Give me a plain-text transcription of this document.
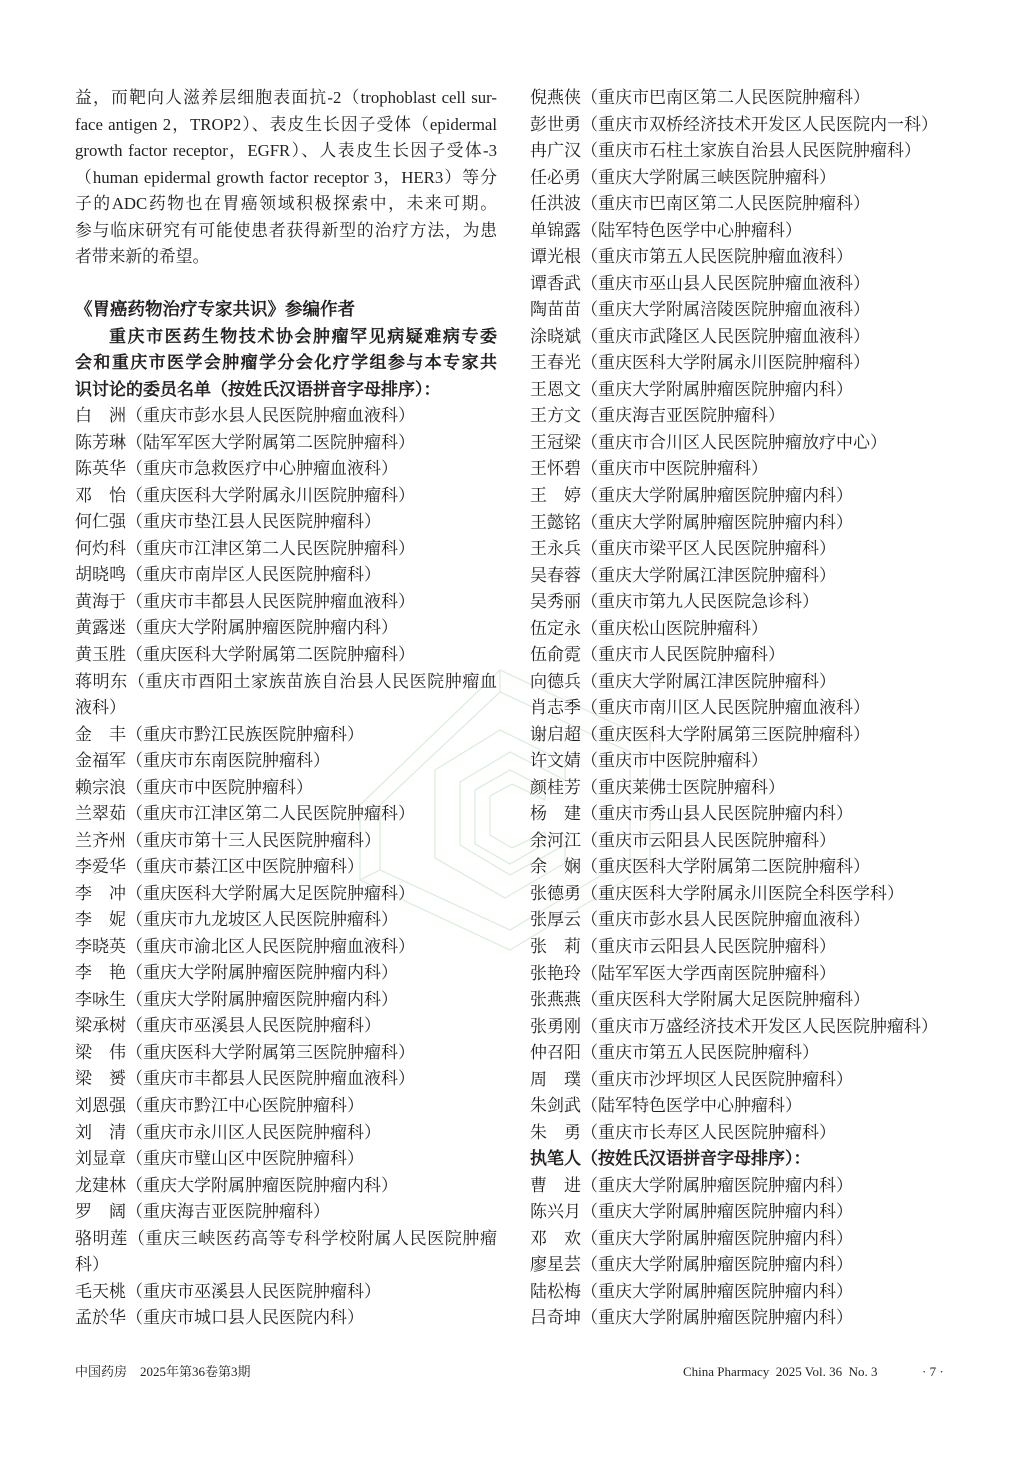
益，而靶向人滋养层细胞表面抗-2（trophoblast cell sur-
face antigen 2，TROP2）、表皮生长因子受体（epidermal
growth factor receptor，EGFR）、人表皮生长因子受体-3
（human epidermal growth factor receptor 3，HER3）等分
子的ADC药物也在胃癌领域积极探索中，未来可期。
参与临床研究有可能使患者获得新型的治疗方法，为患
者带来新的希望。
《胃癌药物治疗专家共识》参编作者
重庆市医药生物技术协会肿瘤罕见病疑难病专委
会和重庆市医学会肿瘤学分会化疗学组参与本专家共
识讨论的委员名单（按姓氏汉语拼音字母排序）：
白　洲（重庆市彭水县人民医院肿瘤血液科）
陈芳琳（陆军军医大学附属第二医院肿瘤科）
陈英华（重庆市急救医疗中心肿瘤血液科）
邓　怡（重庆医科大学附属永川医院肿瘤科）
何仁强（重庆市垫江县人民医院肿瘤科）
何灼科（重庆市江津区第二人民医院肿瘤科）
胡晓鸣（重庆市南岸区人民医院肿瘤科）
黄海于（重庆市丰都县人民医院肿瘤血液科）
黄露迷（重庆大学附属肿瘤医院肿瘤内科）
黄玉胜（重庆医科大学附属第二医院肿瘤科）
蒋明东（重庆市酉阳土家族苗族自治县人民医院肿瘤血液科）
金　丰（重庆市黔江民族医院肿瘤科）
金福军（重庆市东南医院肿瘤科）
赖宗浪（重庆市中医院肿瘤科）
兰翠茹（重庆市江津区第二人民医院肿瘤科）
兰齐州（重庆市第十三人民医院肿瘤科）
李爱华（重庆市綦江区中医院肿瘤科）
李　冲（重庆医科大学附属大足医院肿瘤科）
李　妮（重庆市九龙坡区人民医院肿瘤科）
李晓英（重庆市渝北区人民医院肿瘤血液科）
李　艳（重庆大学附属肿瘤医院肿瘤内科）
李咏生（重庆大学附属肿瘤医院肿瘤内科）
梁承树（重庆市巫溪县人民医院肿瘤科）
梁　伟（重庆医科大学附属第三医院肿瘤科）
梁　赟（重庆市丰都县人民医院肿瘤血液科）
刘恩强（重庆市黔江中心医院肿瘤科）
刘　清（重庆市永川区人民医院肿瘤科）
刘显章（重庆市璧山区中医院肿瘤科）
龙建林（重庆大学附属肿瘤医院肿瘤内科）
罗　阔（重庆海吉亚医院肿瘤科）
骆明莲（重庆三峡医药高等专科学校附属人民医院肿瘤科）
毛天桃（重庆市巫溪县人民医院肿瘤科）
孟於华（重庆市城口县人民医院内科）
倪燕侠（重庆市巴南区第二人民医院肿瘤科）
彭世勇（重庆市双桥经济技术开发区人民医院内一科）
冉广汉（重庆市石柱土家族自治县人民医院肿瘤科）
任必勇（重庆大学附属三峡医院肿瘤科）
任洪波（重庆市巴南区第二人民医院肿瘤科）
单锦露（陆军特色医学中心肿瘤科）
谭光根（重庆市第五人民医院肿瘤血液科）
谭香武（重庆市巫山县人民医院肿瘤血液科）
陶苗苗（重庆大学附属涪陵医院肿瘤血液科）
涂晓斌（重庆市武隆区人民医院肿瘤血液科）
王春光（重庆医科大学附属永川医院肿瘤科）
王恩文（重庆大学附属肿瘤医院肿瘤内科）
王方文（重庆海吉亚医院肿瘤科）
王冠梁（重庆市合川区人民医院肿瘤放疗中心）
王怀碧（重庆市中医院肿瘤科）
王　婷（重庆大学附属肿瘤医院肿瘤内科）
王懿铭（重庆大学附属肿瘤医院肿瘤内科）
王永兵（重庆市梁平区人民医院肿瘤科）
吴春蓉（重庆大学附属江津医院肿瘤科）
吴秀丽（重庆市第九人民医院急诊科）
伍定永（重庆松山医院肿瘤科）
伍俞霓（重庆市人民医院肿瘤科）
向德兵（重庆大学附属江津医院肿瘤科）
肖志季（重庆市南川区人民医院肿瘤血液科）
谢启超（重庆医科大学附属第三医院肿瘤科）
许文婧（重庆市中医院肿瘤科）
颜桂芳（重庆莱佛士医院肿瘤科）
杨　建（重庆市秀山县人民医院肿瘤内科）
余河江（重庆市云阳县人民医院肿瘤科）
余　娴（重庆医科大学附属第二医院肿瘤科）
张德勇（重庆医科大学附属永川医院全科医学科）
张厚云（重庆市彭水县人民医院肿瘤血液科）
张　莉（重庆市云阳县人民医院肿瘤科）
张艳玲（陆军军医大学西南医院肿瘤科）
张燕燕（重庆医科大学附属大足医院肿瘤科）
张勇刚（重庆市万盛经济技术开发区人民医院肿瘤科）
仲召阳（重庆市第五人民医院肿瘤科）
周　璞（重庆市沙坪坝区人民医院肿瘤科）
朱剑武（陆军特色医学中心肿瘤科）
朱　勇（重庆市长寿区人民医院肿瘤科）
执笔人（按姓氏汉语拼音字母排序）：
曹　进（重庆大学附属肿瘤医院肿瘤内科）
陈兴月（重庆大学附属肿瘤医院肿瘤内科）
邓　欢（重庆大学附属肿瘤医院肿瘤内科）
廖星芸（重庆大学附属肿瘤医院肿瘤内科）
陆松梅（重庆大学附属肿瘤医院肿瘤内科）
吕奇坤（重庆大学附属肿瘤医院肿瘤内科）
中国药房　2025年第36卷第3期	China Pharmacy  2025 Vol. 36  No. 3	· 7 ·
